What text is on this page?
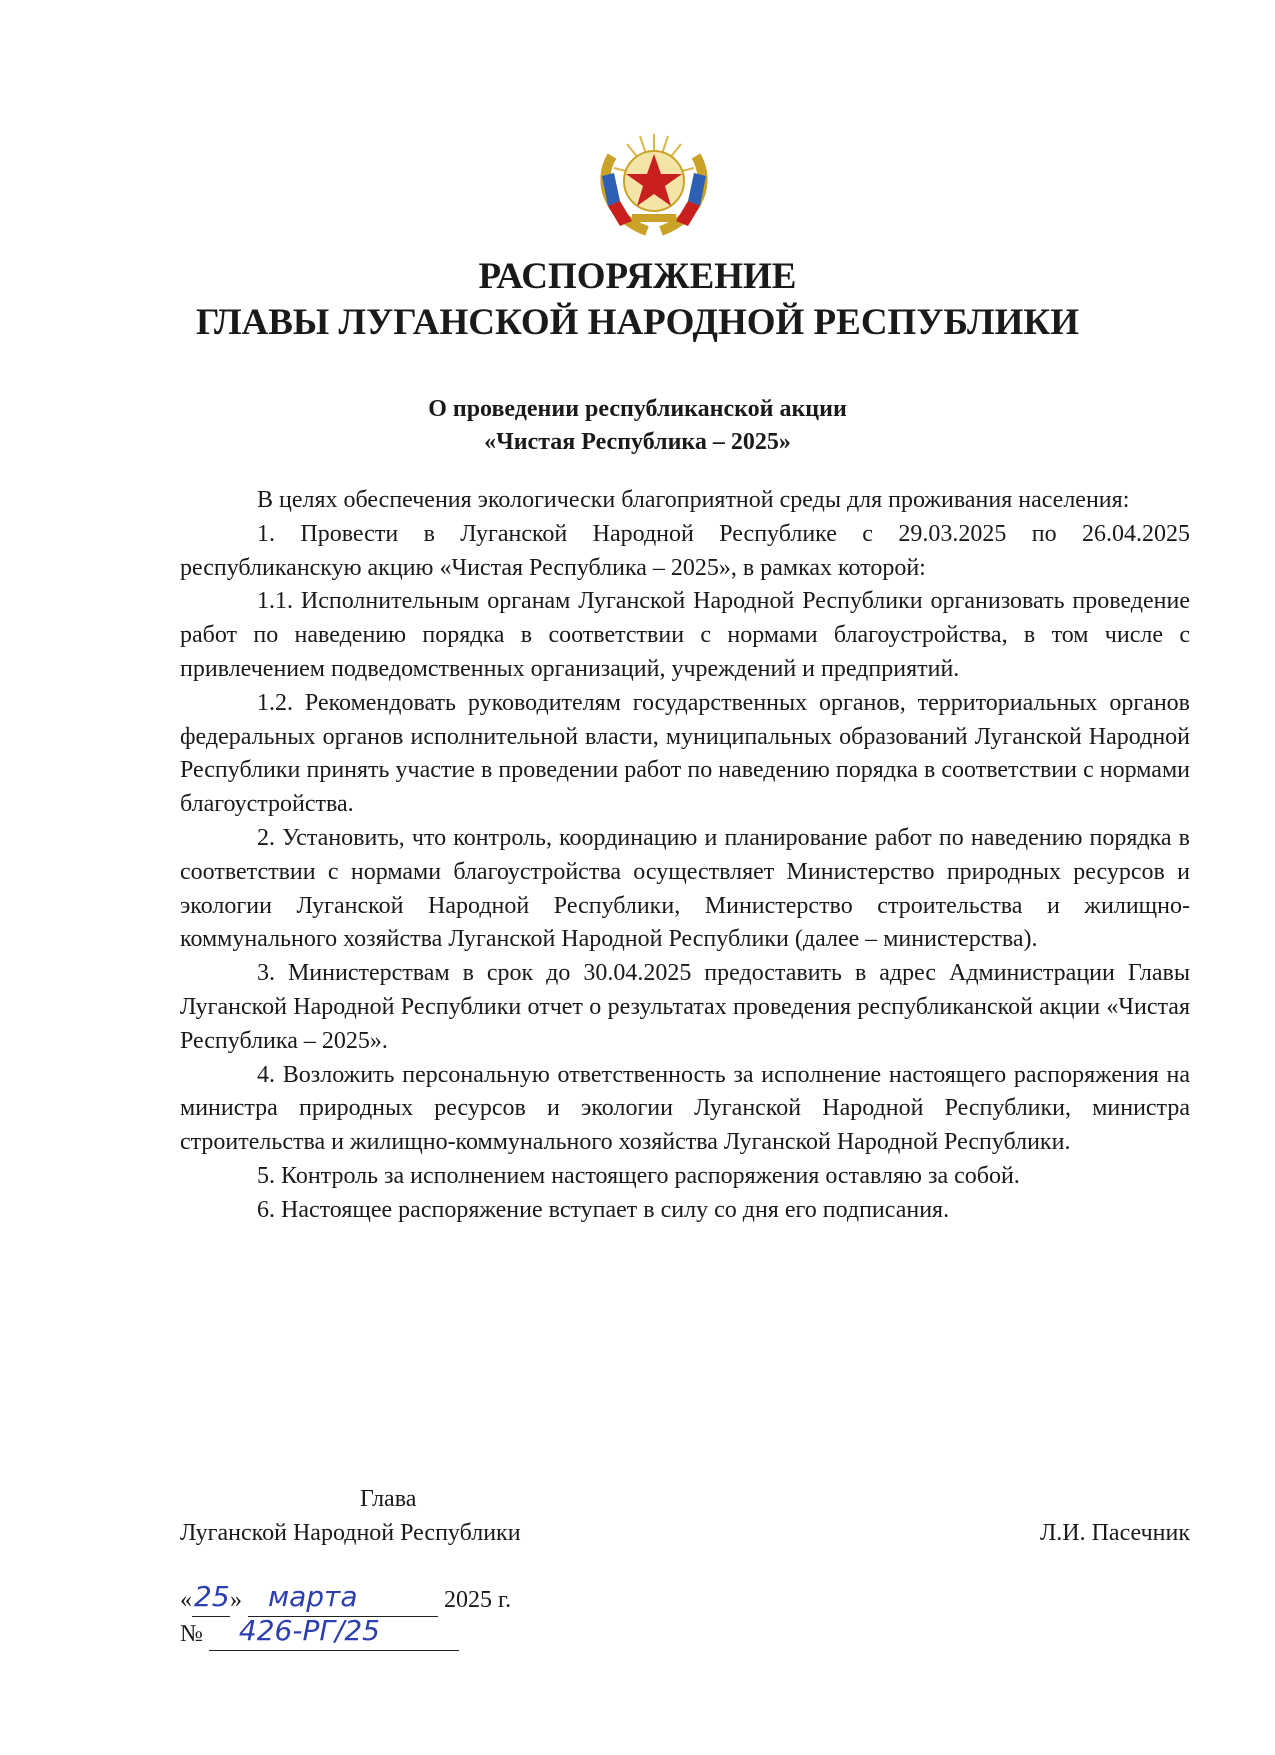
РАСПОРЯЖЕНИЕ
ГЛАВЫ ЛУГАНСКОЙ НАРОДНОЙ РЕСПУБЛИКИ
О проведении республиканской акции
«Чистая Республика – 2025»

В целях обеспечения экологически благоприятной среды для проживания населения:

1. Провести в Луганской Народной Республике с 29.03.2025 по 26.04.2025 республиканскую акцию «Чистая Республика – 2025», в рамках которой:

1.1. Исполнительным органам Луганской Народной Республики организовать проведение работ по наведению порядка в соответствии с нормами благоустройства, в том числе с привлечением подведомственных организаций, учреждений и предприятий.

1.2. Рекомендовать руководителям государственных органов, территориальных органов федеральных органов исполнительной власти, муниципальных образований Луганской Народной Республики принять участие в проведении работ по наведению порядка в соответствии с нормами благоустройства.

2. Установить, что контроль, координацию и планирование работ по наведению порядка в соответствии с нормами благоустройства осуществляет Министерство природных ресурсов и экологии Луганской Народной Республики, Министерство строительства и жилищно-коммунального хозяйства Луганской Народной Республики (далее – министерства).

3. Министерствам в срок до 30.04.2025 предоставить в адрес Администрации Главы Луганской Народной Республики отчет о результатах проведения республиканской акции «Чистая Республика – 2025».

4. Возложить персональную ответственность за исполнение настоящего распоряжения на министра природных ресурсов и экологии Луганской Народной Республики, министра строительства и жилищно-коммунального хозяйства Луганской Народной Республики.

5. Контроль за исполнением настоящего распоряжения оставляю за собой.

6. Настоящее распоряжение вступает в силу со дня его подписания.

Глава
Луганской Народной Республики	Л.И. Пасечник
« 25 » марта	2025 г.
№ 426-РГ/25
